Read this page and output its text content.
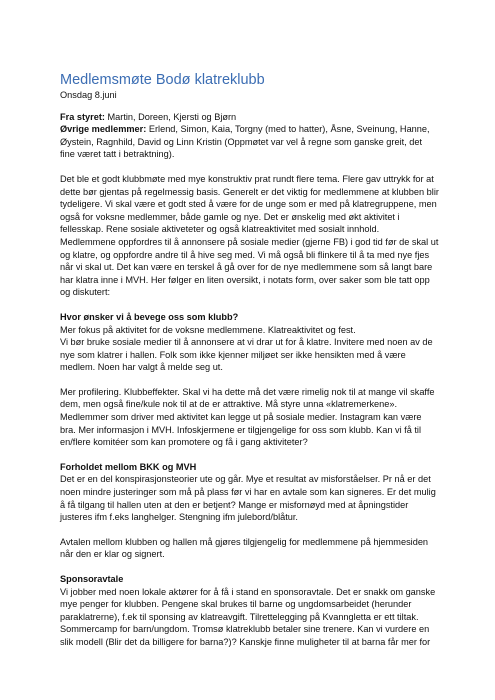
Medlemsmøte Bodø klatreklubb

Onsdag 8.juni

Fra styret: Martin, Doreen, Kjersti og Bjørn

Øvrige medlemmer: Erlend, Simon, Kaia, Torgny (med to hatter), Åsne, Sveinung, Hanne, Øystein, Ragnhild, David og Linn Kristin (Oppmøtet var vel å regne som ganske greit, det fine været tatt i betraktning).

Det ble et godt klubbmøte med mye konstruktiv prat rundt flere tema. Flere gav uttrykk for at dette bør gjentas på regelmessig basis. Generelt er det viktig for medlemmene at klubben blir tydeligere. Vi skal være et godt sted å være for de unge som er med på klatregruppene, men også for voksne medlemmer, både gamle og nye. Det er ønskelig med økt aktivitet i fellesskap. Rene sosiale aktiveteter og også klatreaktivitet med sosialt innhold.

Medlemmene oppfordres til å annonsere på sosiale medier (gjerne FB) i god tid før de skal ut og klatre, og oppfordre andre til å hive seg med. Vi må også bli flinkere til å ta med nye fjes når vi skal ut. Det kan være en terskel å gå over for de nye medlemmene som så langt bare har klatra inne i MVH. Her følger en liten oversikt, i notats form, over saker som ble tatt opp og diskutert:

Hvor ønsker vi å bevege oss som klubb?

Mer fokus på aktivitet for de voksne medlemmene. Klatreaktivitet og fest.
Vi bør bruke sosiale medier til å annonsere at vi drar ut for å klatre. Invitere med noen av de nye som klatrer i hallen. Folk som ikke kjenner miljøet ser ikke hensikten med å være medlem. Noen har valgt å melde seg ut.

Mer profilering. Klubbeffekter. Skal vi ha dette må det være rimelig nok til at mange vil skaffe dem, men også fine/kule nok til at de er attraktive. Må styre unna «klatremerkene». Medlemmer som driver med aktivitet kan legge ut på sosiale medier. Instagram kan være bra. Mer informasjon i MVH. Infoskjermene er tilgjengelige for oss som klubb. Kan vi få til en/flere komitéer som kan promotere og få i gang aktiviteter?

Forholdet mellom BKK og MVH

Det er en del konspirasjonsteorier ute og går. Mye et resultat av misforståelser. Pr nå er det noen mindre justeringer som må på plass før vi har en avtale som kan signeres. Er det mulig å få tilgang til hallen uten at den er betjent? Mange er misfornøyd med at åpningstider justeres ifm f.eks langhelger. Stengning ifm julebord/blåtur.

Avtalen mellom klubben og hallen må gjøres tilgjengelig for medlemmene på hjemmesiden når den er klar og signert.

Sponsoravtale

Vi jobber med noen lokale aktører for å få i stand en sponsoravtale. Det er snakk om ganske mye penger for klubben. Pengene skal brukes til barne og ungdomsarbeidet (herunder paraklatrerne), f.ek til sponsing av klatreavgift. Tilrettelegging på Kvanngletta er ett tiltak. Sommercamp for barn/ungdom. Tromsø klatreklubb betaler sine trenere. Kan vi vurdere en slik modell (Blir det da billigere for barna?)? Kanskje finne muligheter til at barna får mer for
